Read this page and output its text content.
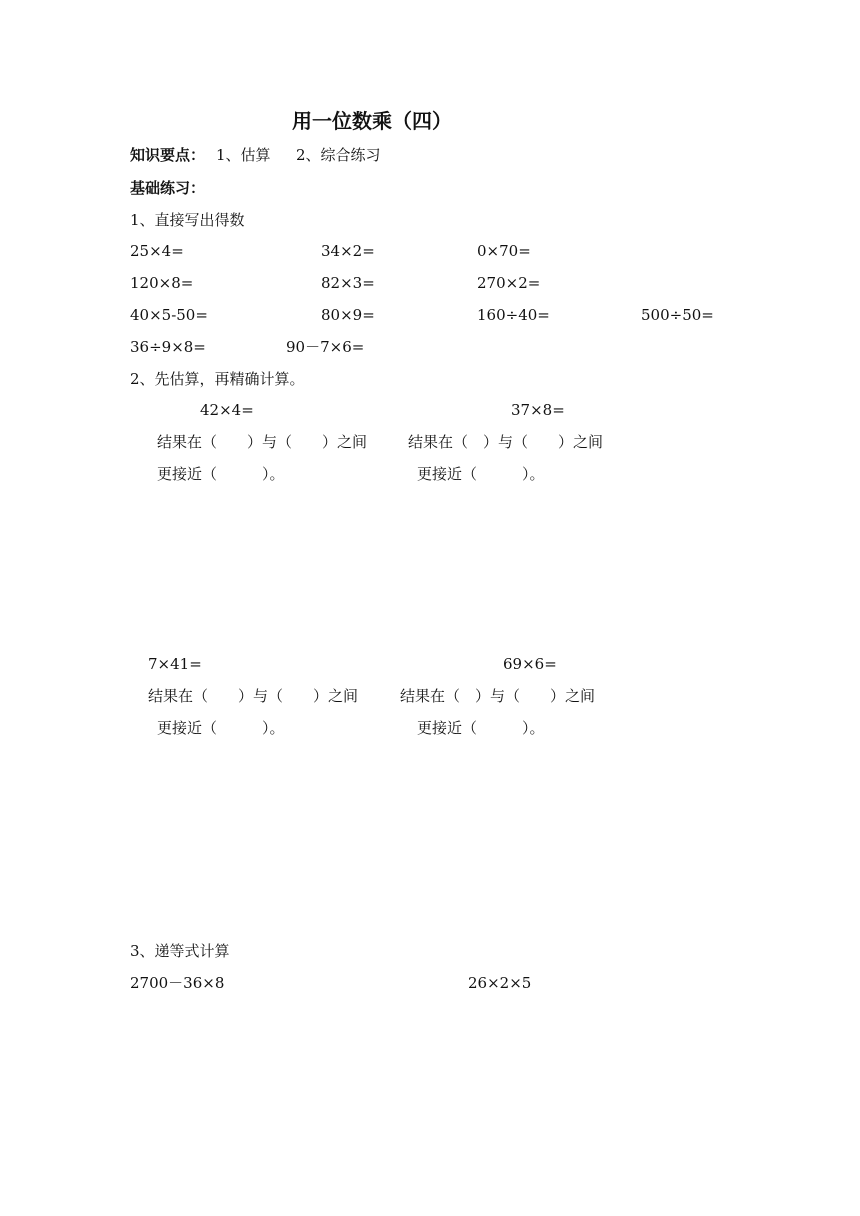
用一位数乘（四）
知识要点： 1、估算 2、综合练习
基础练习：
1、直接写出得数
25×4=	34×2=	0×70=
120×8=	82×3=	270×2=
40×5-50=	80×9=	160÷40=	500÷50=
36÷9×8=	90－7×6=
2、先估算，再精确计算。
42×4=
结果在（　　）与（　　）之间
更接近（　　　）。
37×8=
结果在（　）与（　　）之间
更接近（　　　）。
7×41=
结果在（　　）与（　　）之间
更接近（　　　）。
69×6=
结果在（　）与（　　）之间
更接近（　　　）。
3、递等式计算
2700－36×8	26×2×5
